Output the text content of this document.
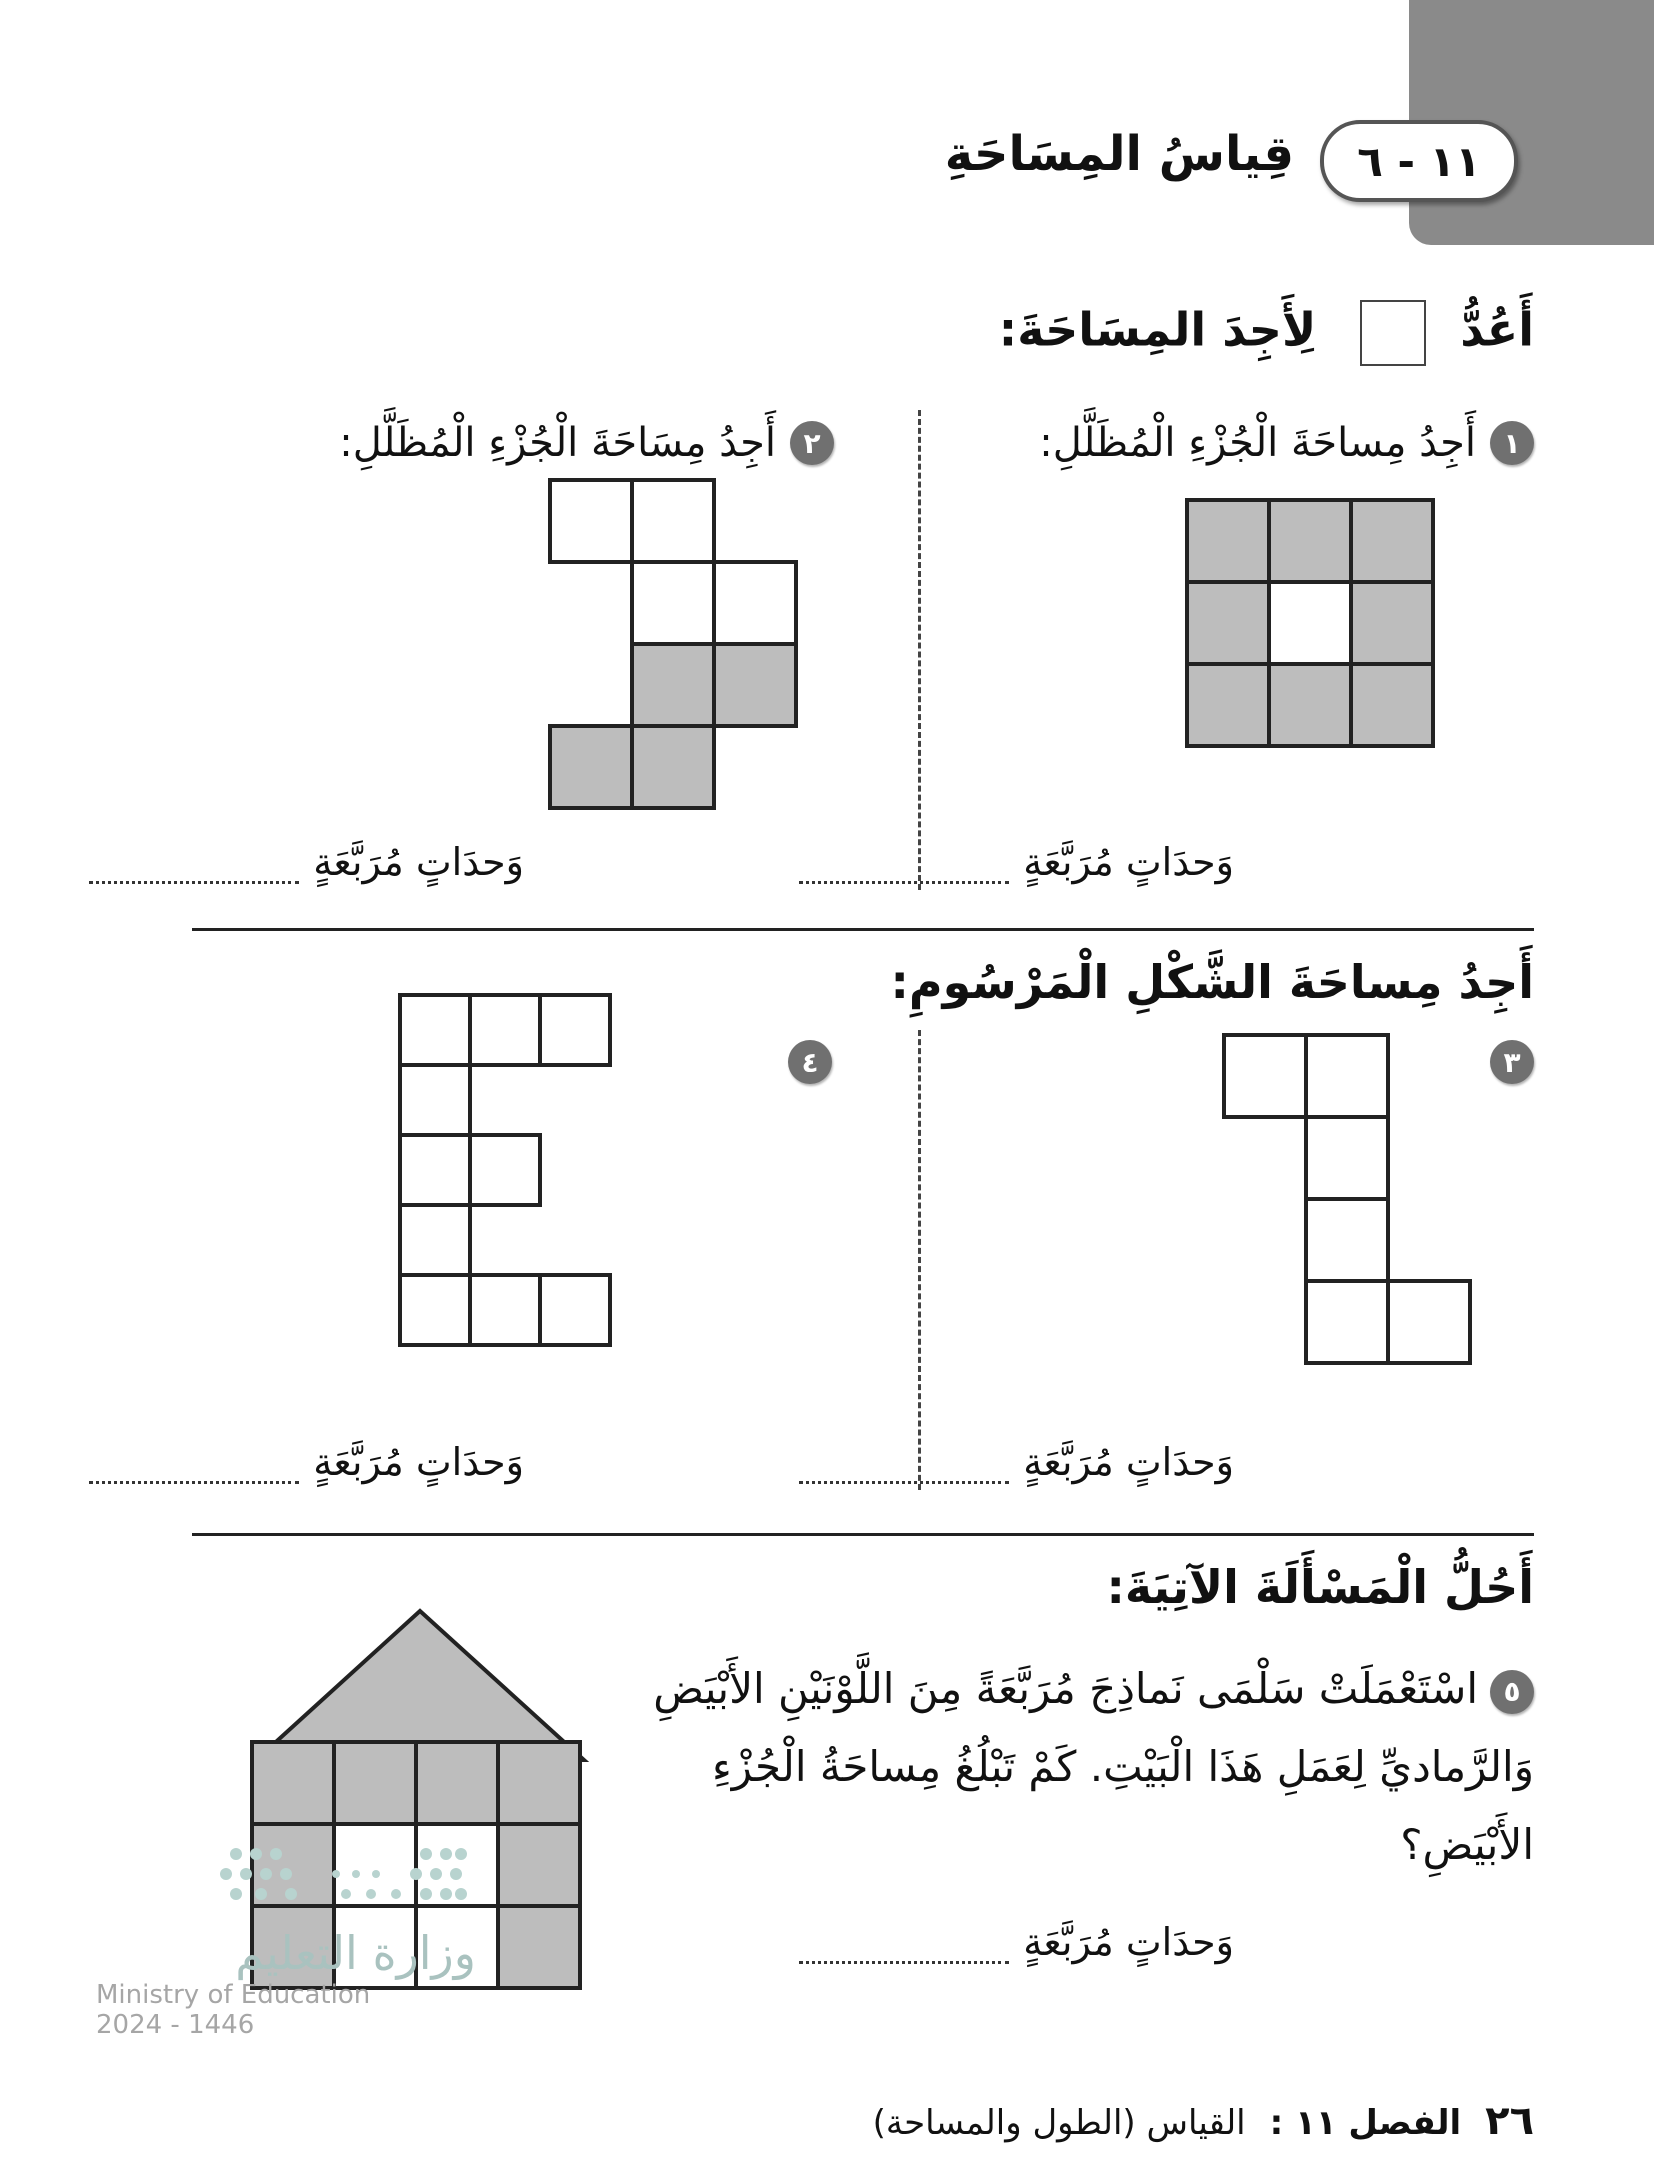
١١ - ٦
قِياسُ المِسَاحَةِ
أَعُدُّ  لِأَجِدَ المِسَاحَةَ:
١
أَجِدُ مِساحَةَ الْجُزْءِ الْمُظَلَّلِ:
وَحدَاتٍ مُرَبَّعَةٍ
٢
أَجِدُ مِسَاحَةَ الْجُزْءِ الْمُظَلَّلِ:
وَحدَاتٍ مُرَبَّعَةٍ
أَجِدُ مِساحَةَ الشَّكْلِ الْمَرْسُومِ:
٣
وَحدَاتٍ مُرَبَّعَةٍ
٤
وَحدَاتٍ مُرَبَّعَةٍ
أَحُلُّ الْمَسْأَلَةَ الآتِيَةَ:
٥اسْتَعْمَلَتْ سَلْمَى نَماذِجَ مُرَبَّعَةً مِنَ اللَّوْنَيْنِ الأَبْيَضِ وَالرَّماديِّ لِعَمَلِ هَذَا الْبَيْتِ. كَمْ تَبْلُغُ مِساحَةُ الْجُزْءِ الأَبْيَضِ؟
وَحدَاتٍ مُرَبَّعَةٍ
وزارة التعليم
Ministry of Education
2024 - 1446
٢٦
الفصل ١١ :
القياس (الطول والمساحة)
